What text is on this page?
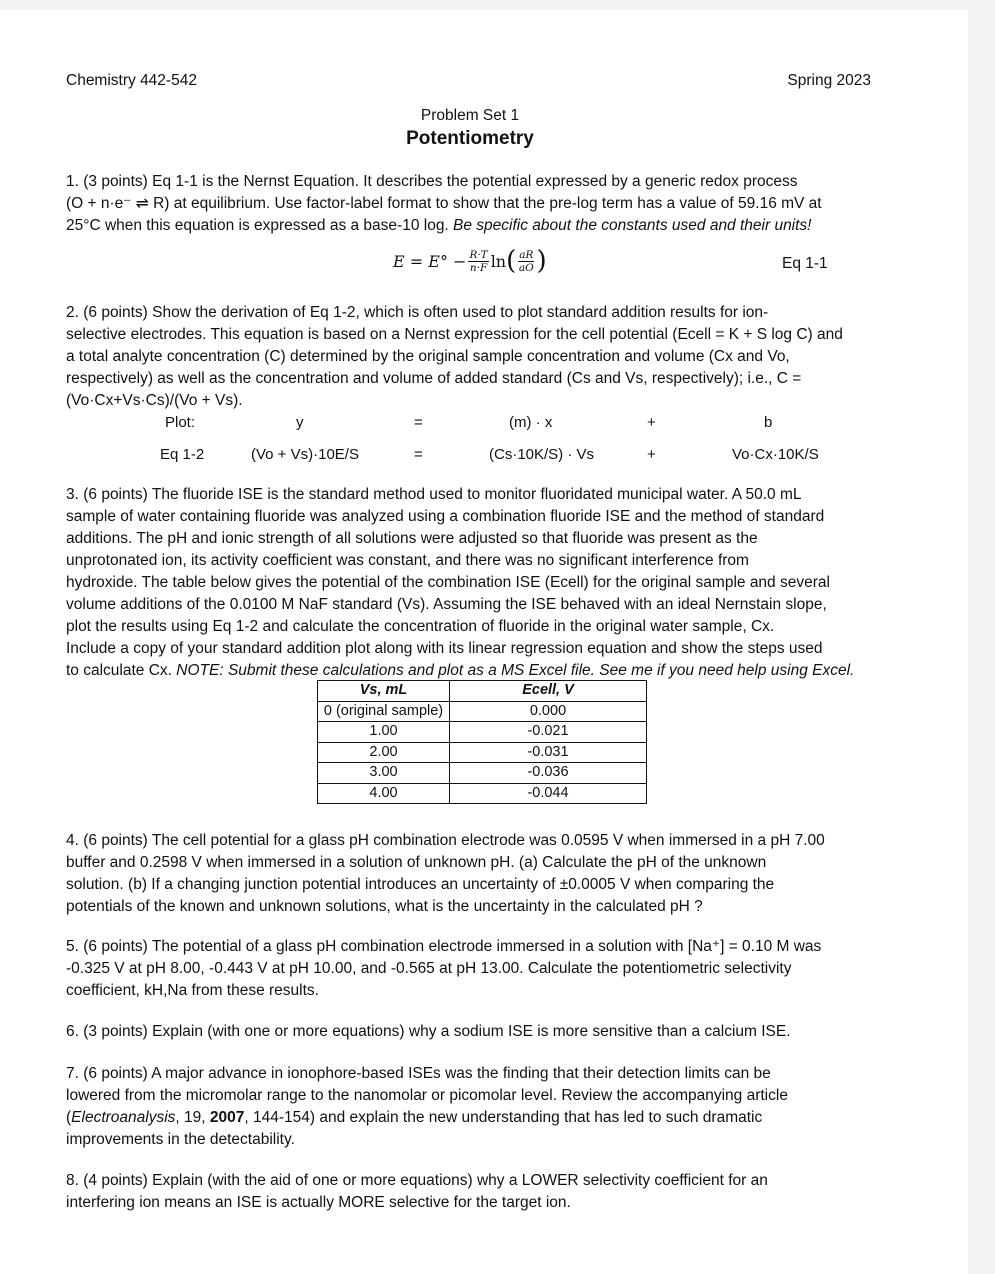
Chemistry 442-542	Spring 2023
Problem Set 1
Potentiometry
1. (3 points) Eq 1-1 is the Nernst Equation. It describes the potential expressed by a generic redox process
(O + n·e⁻ ⇌ R) at equilibrium. Use factor-label format to show that the pre-log term has a value of 59.16 mV at
25°C when this equation is expressed as a base-10 log. Be specific about the constants used and their units!
$E = E^\circ - \frac{R\cdot T}{n\cdot F}$ ln ( $\frac{aR}{aO}$ )	Eq 1-1
2. (6 points) Show the derivation of Eq 1-2, which is often used to plot standard addition results for ion-
selective electrodes. This equation is based on a Nernst expression for the cell potential (Ecell = K + S log C) and
a total analyte concentration (C) determined by the original sample concentration and volume (Cx and Vo,
respectively) as well as the concentration and volume of added standard (Cs and Vs, respectively); i.e., C =
(Vo·Cx+Vs·Cs)/(Vo + Vs).
Plot:	y	=	(m) · x	+	b
Eq 1-2	(Vo + Vs)·10E/S	=	(Cs·10K/S) · Vs	+	Vo·Cx·10K/S
3. (6 points) The fluoride ISE is the standard method used to monitor fluoridated municipal water. A 50.0 mL
sample of water containing fluoride was analyzed using a combination fluoride ISE and the method of standard
additions. The pH and ionic strength of all solutions were adjusted so that fluoride was present as the
unprotonated ion, its activity coefficient was constant, and there was no significant interference from
hydroxide. The table below gives the potential of the combination ISE (Ecell) for the original sample and several
volume additions of the 0.0100 M NaF standard (Vs). Assuming the ISE behaved with an ideal Nernstain slope,
plot the results using Eq 1-2 and calculate the concentration of fluoride in the original water sample, Cx.
Include a copy of your standard addition plot along with its linear regression equation and show the steps used
to calculate Cx. NOTE: Submit these calculations and plot as a MS Excel file. See me if you need help using Excel.
Vs, mL	Ecell, V
0 (original sample)	0.000
1.00	-0.021
2.00	-0.031
3.00	-0.036
4.00	-0.044
4. (6 points) The cell potential for a glass pH combination electrode was 0.0595 V when immersed in a pH 7.00
buffer and 0.2598 V when immersed in a solution of unknown pH. (a) Calculate the pH of the unknown
solution. (b) If a changing junction potential introduces an uncertainty of ±0.0005 V when comparing the
potentials of the known and unknown solutions, what is the uncertainty in the calculated pH ?
5. (6 points) The potential of a glass pH combination electrode immersed in a solution with [Na⁺] = 0.10 M was
-0.325 V at pH 8.00, -0.443 V at pH 10.00, and -0.565 at pH 13.00. Calculate the potentiometric selectivity
coefficient, kH,Na from these results.
6. (3 points) Explain (with one or more equations) why a sodium ISE is more sensitive than a calcium ISE.
7. (6 points) A major advance in ionophore-based ISEs was the finding that their detection limits can be
lowered from the micromolar range to the nanomolar or picomolar level. Review the accompanying article
(Electroanalysis, 19, 2007, 144-154) and explain the new understanding that has led to such dramatic
improvements in the detectability.
8. (4 points) Explain (with the aid of one or more equations) why a LOWER selectivity coefficient for an
interfering ion means an ISE is actually MORE selective for the target ion.
